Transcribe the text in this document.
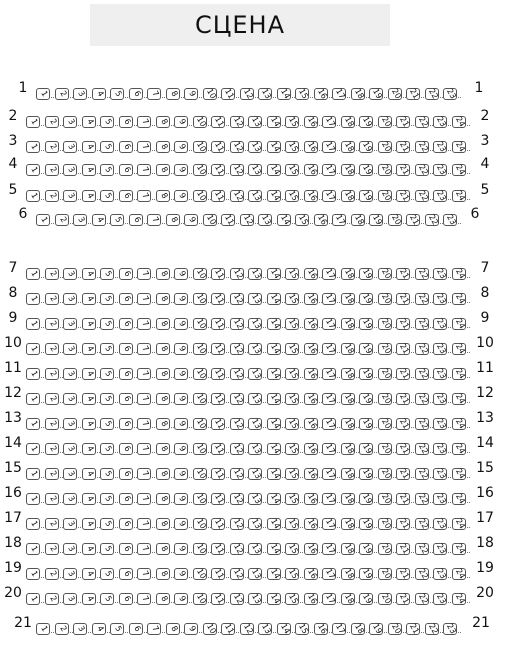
СЦЕНА
1	1	2	3	4	5	6	7	8	9 10 11 12 13 14 15 16 17 18 19 20 21 22 23	1
2	1	2	3	4	5	6	7	8	9 10 11 12 13 14 15 16 17 18 19 20 21 22 23 24	2
3	1	2	3	4	5	6	7	8	9 10 11 12 13 14 15 16 17 18 19 20 21 22 23 24	3
4	1	2	3	4	5	6	7	8	9 10 11 12 13 14 15 16 17 18 19 20 21 22 23 24	4
5	1	2	3	4	5	6	7	8	9 10 11 12 13 14 15 16 17 18 19 20 21 22 23 24	5
6	1	2	3	4	5	6	7	8	9 10 11 12 13 14 15 16 17 18 19 20 21 22 23 6
7	1	2	3	4	5	6	7	8	9 10 11 12 13 14 15 16 17 18 19 20 21 22 23 24	7
8	1	2	3	4	5	6	7	8	9 10 11 12 13 14 15 16 17 18 19 20 21 22 23 24	8
9	1	2	3	4	5	6	7	8	9 10 11 12 13 14 15 16 17 18 19 20 21 22 23 24	9
10 1	2	3	4	5	6	7	8	9 10 11 12 13 14 15 16 17 18 19 20 21 22 23 24 10
11 1	2	3	4	5	6	7	8	9 10 11 12 13 14 15 16 17 18 19 20 21 22 23 24 11
12 1	2	3	4	5	6	7	8	9 10 11 12 13 14 15 16 17 18 19 20 21 22 23 24 12
13 1	2	3	4	5	6	7	8	9 10 11 12 13 14 15 16 17 18 19 20 21 22 23 24 13
14 1	2	3	4	5	6	7	8	9 10 11 12 13 14 15 16 17 18 19 20 21 22 23 24 14
15 1	2	3	4	5	6	7	8	9 10 11 12 13 14 15 16 17 18 19 20 21 22 23 24 15
16 1	2	3	4	5	6	7	8	9 10 11 12 13 14 15 16 17 18 19 20 21 22 23 24 16
17 1	2	3	4	5	6	7	8	9 10 11 12 13 14 15 16 17 18 19 20 21 22 23 24 17
18 1	2	3	4	5	6	7	8	9 10 11 12 13 14 15 16 17 18 19 20 21 22 23 24 18
19 1	2	3	4	5	6	7	8	9 10 11 12 13 14 15 16 17 18 19 20 21 22 23 24 19
20 1	2	3	4	5	6	7	8	9 10 11 12 13 14 15 16 17 18 19 20 21 22 23 24 20
21 1	2	3	4	5	6	7	8	9 10 11 12 13 14 15 16 17 18 19 20 21 22 23 21
